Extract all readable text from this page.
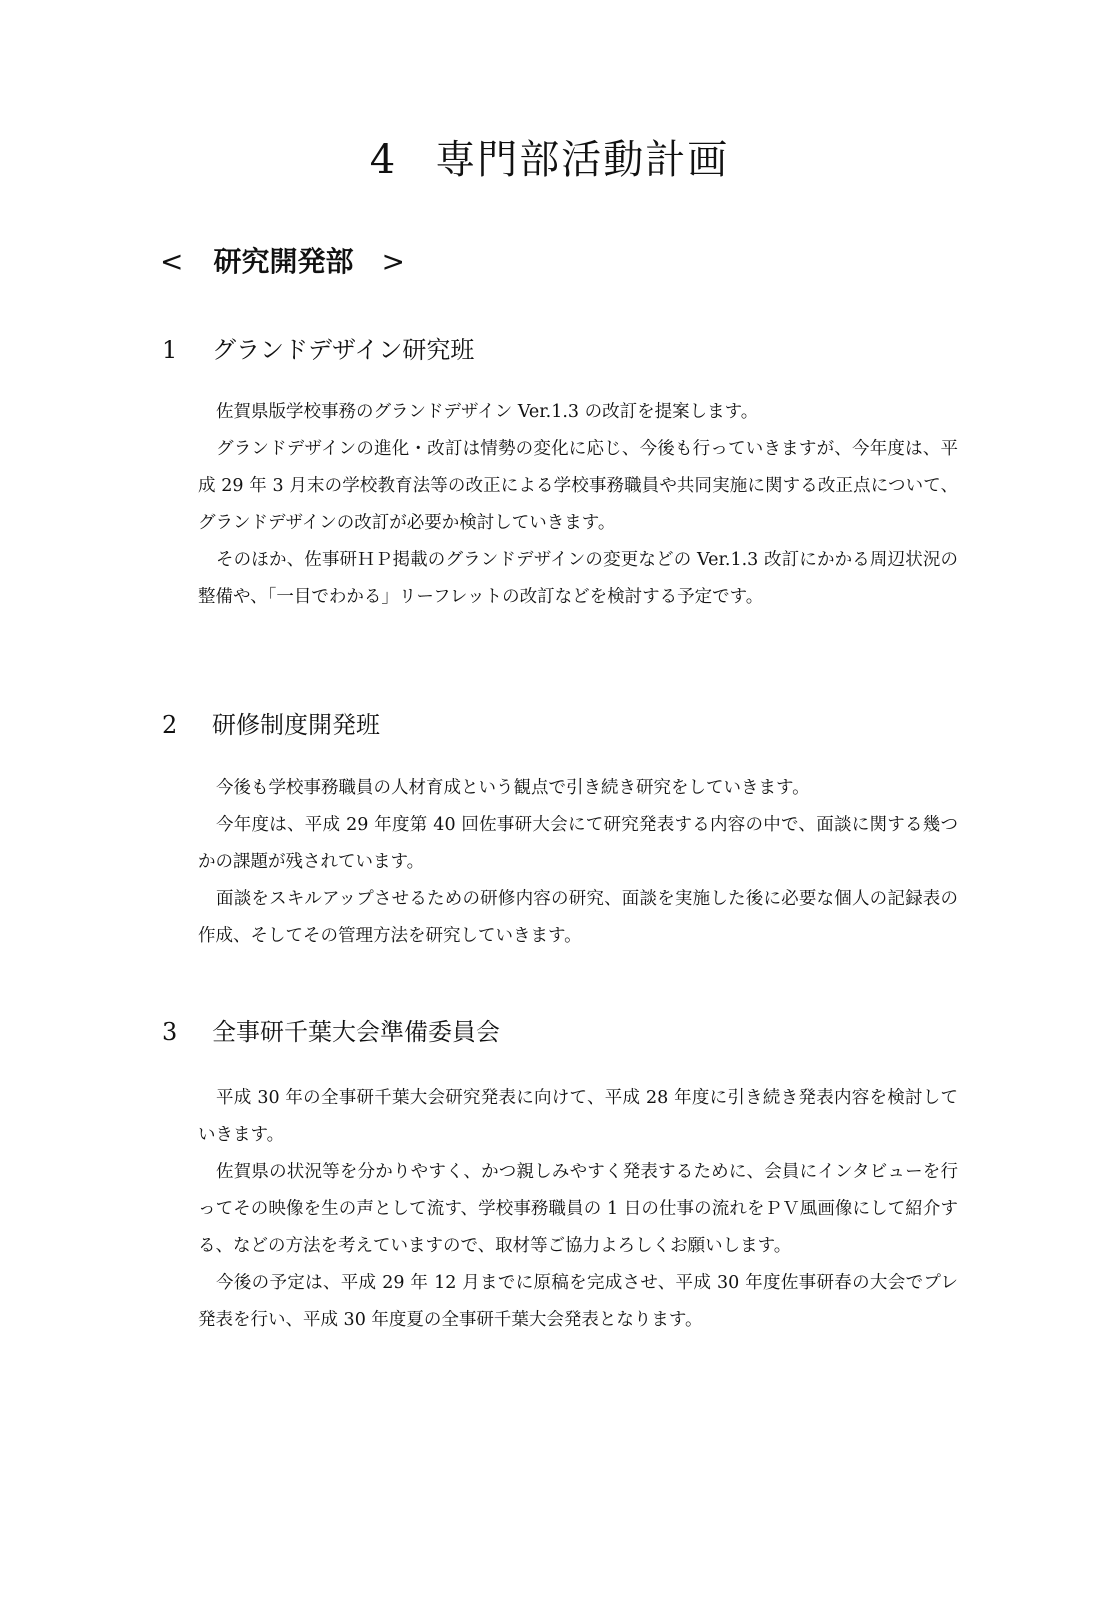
4 専門部活動計画
< 研究開発部 >
1 グランドデザイン研究班

佐賀県版学校事務のグランドデザイン Ver.1.3 の改訂を提案します。

グランドデザインの進化・改訂は情勢の変化に応じ、今後も行っていきますが、今年度は、平成 29 年 3 月末の学校教育法等の改正による学校事務職員や共同実施に関する改正点について、グランドデザインの改訂が必要か検討していきます。

そのほか、佐事研ＨＰ掲載のグランドデザインの変更などの Ver.1.3 改訂にかかる周辺状況の整備や、「一目でわかる」リーフレットの改訂などを検討する予定です。

2 研修制度開発班

今後も学校事務職員の人材育成という観点で引き続き研究をしていきます。

今年度は、平成 29 年度第 40 回佐事研大会にて研究発表する内容の中で、面談に関する幾つかの課題が残されています。

面談をスキルアップさせるための研修内容の研究、面談を実施した後に必要な個人の記録表の作成、そしてその管理方法を研究していきます。

3 全事研千葉大会準備委員会

平成 30 年の全事研千葉大会研究発表に向けて、平成 28 年度に引き続き発表内容を検討していきます。

佐賀県の状況等を分かりやすく、かつ親しみやすく発表するために、会員にインタビューを行ってその映像を生の声として流す、学校事務職員の 1 日の仕事の流れをＰＶ風画像にして紹介する、などの方法を考えていますので、取材等ご協力よろしくお願いします。

今後の予定は、平成 29 年 12 月までに原稿を完成させ、平成 30 年度佐事研春の大会でプレ発表を行い、平成 30 年度夏の全事研千葉大会発表となります。
